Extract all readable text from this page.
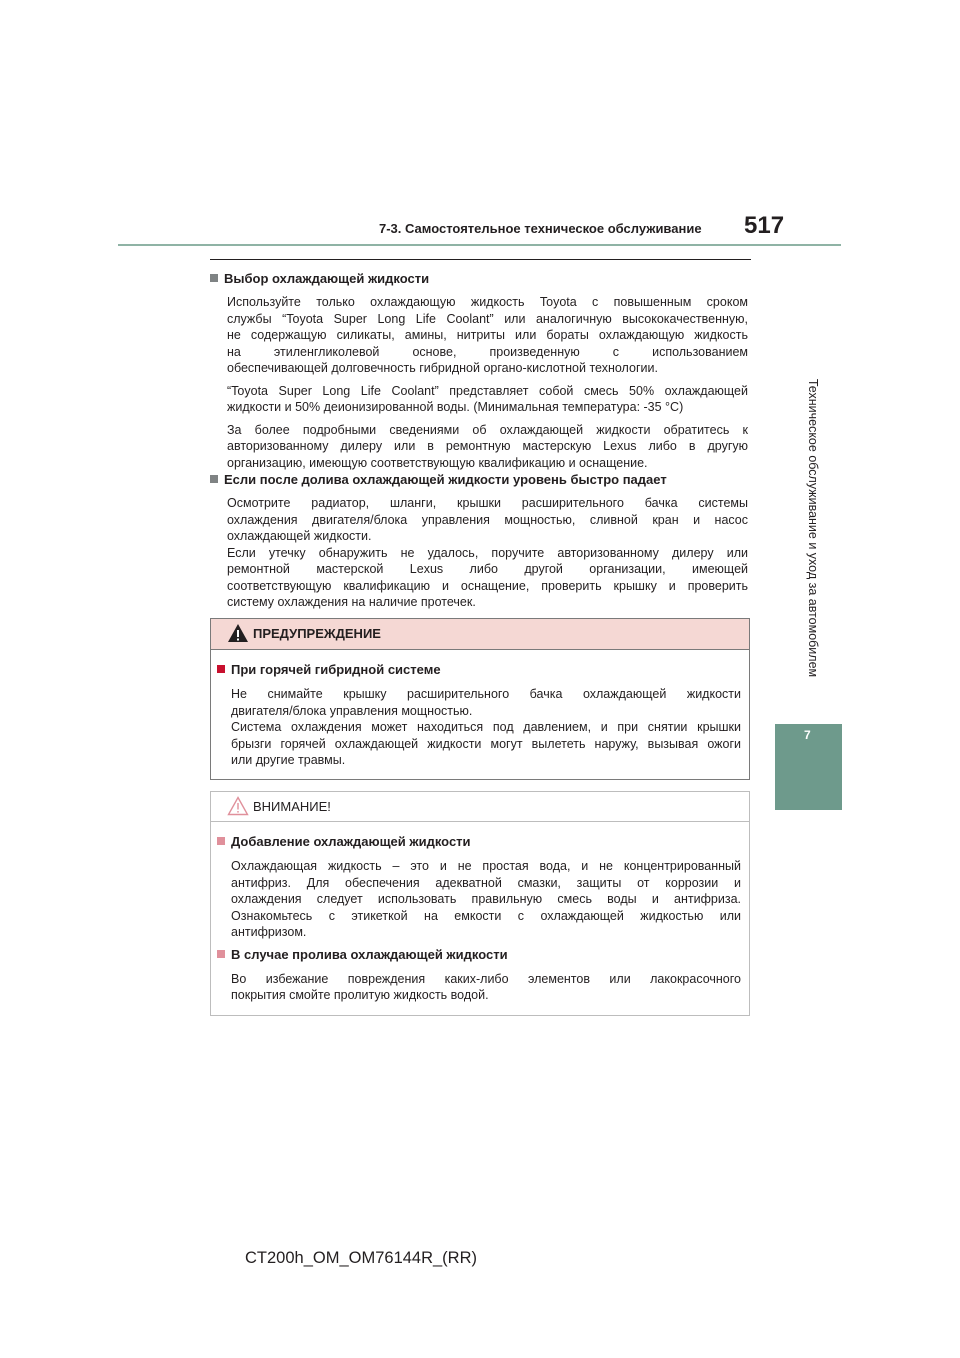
7-3. Самостоятельное техническое обслуживание 517
Техническое обслуживание и уход за автомобилем
7
Выбор охлаждающей жидкости
Используйте только охлаждающую жидкость Toyota с повышенным сроком
службы “Toyota Super Long Life Coolant” или аналогичную высококачественную,
не содержащую силикаты, амины, нитриты или бораты охлаждающую жидкость
на этиленгликолевой основе, произведенную с использованием
обеспечивающей долговечность гибридной органо-кислотной технологии.
“Toyota Super Long Life Coolant” представляет собой смесь 50% охлаждающей
жидкости и 50% деионизированной воды. (Минимальная температура: -35 °C)
За более подробными сведениями об охлаждающей жидкости обратитесь к
авторизованному дилеру или в ремонтную мастерскую Lexus либо в другую
организацию, имеющую соответствующую квалификацию и оснащение.
Если после долива охлаждающей жидкости уровень быстро падает
Осмотрите радиатор, шланги, крышки расширительного бачка системы
охлаждения двигателя/блока управления мощностью, сливной кран и насос
охлаждающей жидкости.
Если утечку обнаружить не удалось, поручите авторизованному дилеру или
ремонтной мастерской Lexus либо другой организации, имеющей
соответствующую квалификацию и оснащение, проверить крышку и проверить
систему охлаждения на наличие протечек.
ПРЕДУПРЕЖДЕНИЕ
При горячей гибридной системе
Не снимайте крышку расширительного бачка охлаждающей жидкости
двигателя/блока управления мощностью.
Система охлаждения может находиться под давлением, и при снятии крышки
брызги горячей охлаждающей жидкости могут вылететь наружу, вызывая ожоги
или другие травмы.
ВНИМАНИЕ!
Добавление охлаждающей жидкости
Охлаждающая жидкость – это и не простая вода, и не концентрированный
антифриз. Для обеспечения адекватной смазки, защиты от коррозии и
охлаждения следует использовать правильную смесь воды и антифриза.
Ознакомьтесь с этикеткой на емкости с охлаждающей жидкостью или
антифризом.
В случае пролива охлаждающей жидкости
Во избежание повреждения каких-либо элементов или лакокрасочного
покрытия смойте пролитую жидкость водой.
CT200h_OM_OM76144R_(RR)
